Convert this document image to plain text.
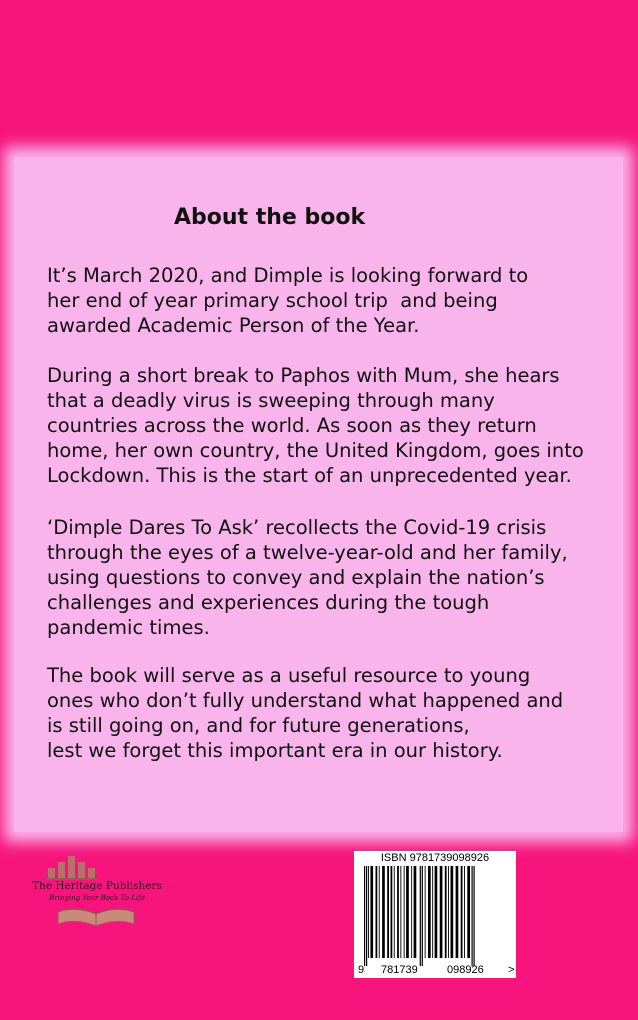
About the book

It’s March 2020, and Dimple is looking forward to
her end of year primary school trip  and being
awarded Academic Person of the Year.

During a short break to Paphos with Mum, she hears
that a deadly virus is sweeping through many
countries across the world. As soon as they return
home, her own country, the United Kingdom, goes into
Lockdown. This is the start of an unprecedented year.

‘Dimple Dares To Ask’ recollects the Covid-19 crisis
through the eyes of a twelve-year-old and her family,
using questions to convey and explain the nation’s
challenges and experiences during the tough
pandemic times.

The book will serve as a useful resource to young
ones who don’t fully understand what happened and
is still going on, and for future generations,
lest we forget this important era in our history.

The Heritage Publishers
Bringing Your Book To Life
ISBN 9781739098926
9 781739	098926 >
